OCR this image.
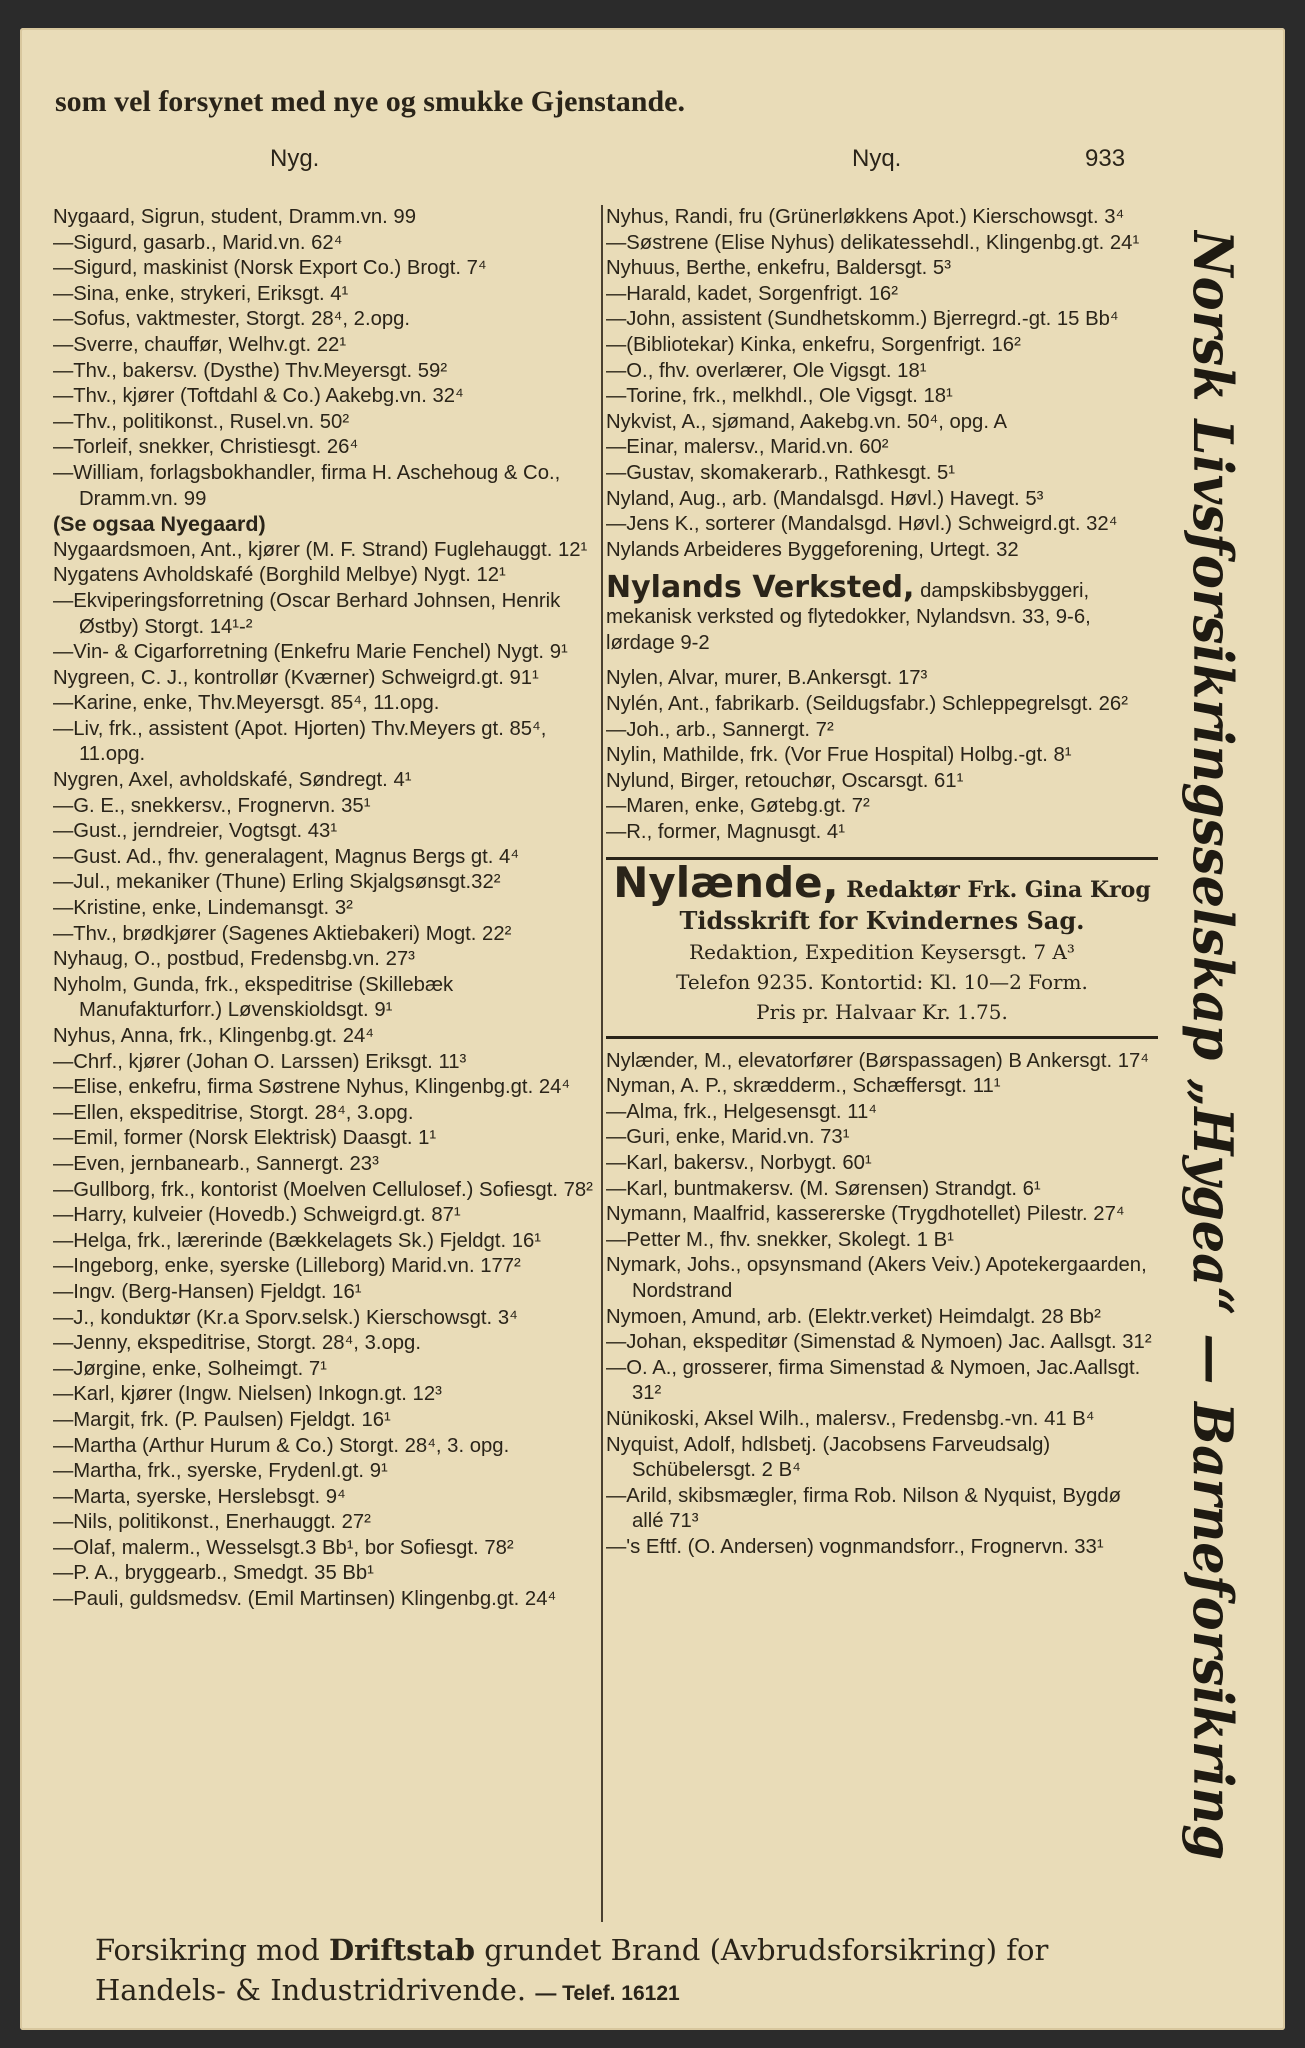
som vel forsynet med nye og smukke Gjenstande.
Nyg.	Nyq.	933
Nygaard, Sigrun, student, Dramm.vn. 99
—Sigurd, gasarb., Marid.vn. 62⁴
—Sigurd, maskinist (Norsk Export Co.) Brogt. 7⁴
—Sina, enke, strykeri, Eriksgt. 4¹
—Sofus, vaktmester, Storgt. 28⁴, 2.opg.
—Sverre, chauffør, Welhv.gt. 22¹
—Thv., bakersv. (Dysthe) Thv.Meyersgt. 59²
—Thv., kjører (Toftdahl & Co.) Aakebg.vn. 32⁴
—Thv., politikonst., Rusel.vn. 50²
—Torleif, snekker, Christiesgt. 26⁴
—William, forlagsbokhandler, firma H. Aschehoug & Co., Dramm.vn. 99
(Se ogsaa Nyegaard)
Nygaardsmoen, Ant., kjører (M. F. Strand) Fuglehauggt. 12¹
Nygatens Avholdskafé (Borghild Melbye) Nygt. 12¹
—Ekviperingsforretning (Oscar Berhard Johnsen, Henrik Østby) Storgt. 14¹-²
—Vin- & Cigarforretning (Enkefru Marie Fenchel) Nygt. 9¹
Nygreen, C. J., kontrollør (Kværner) Schweigrd.gt. 91¹
—Karine, enke, Thv.Meyersgt. 85⁴, 11.opg.
—Liv, frk., assistent (Apot. Hjorten) Thv.Meyers gt. 85⁴, 11.opg.
Nygren, Axel, avholdskafé, Søndregt. 4¹
—G. E., snekkersv., Frognervn. 35¹
—Gust., jerndreier, Vogtsgt. 43¹
—Gust. Ad., fhv. generalagent, Magnus Bergs gt. 4⁴
—Jul., mekaniker (Thune) Erling Skjalgsønsgt.32²
—Kristine, enke, Lindemansgt. 3²
—Thv., brødkjører (Sagenes Aktiebakeri) Mogt. 22²
Nyhaug, O., postbud, Fredensbg.vn. 27³
Nyholm, Gunda, frk., ekspeditrise (Skillebæk Manufakturforr.) Løvenskioldsgt. 9¹
Nyhus, Anna, frk., Klingenbg.gt. 24⁴
—Chrf., kjører (Johan O. Larssen) Eriksgt. 11³
—Elise, enkefru, firma Søstrene Nyhus, Klingenbg.gt. 24⁴
—Ellen, ekspeditrise, Storgt. 28⁴, 3.opg.
—Emil, former (Norsk Elektrisk) Daasgt. 1¹
—Even, jernbanearb., Sannergt. 23³
—Gullborg, frk., kontorist (Moelven Cellulosef.) Sofiesgt. 78²
—Harry, kulveier (Hovedb.) Schweigrd.gt. 87¹
—Helga, frk., lærerinde (Bækkelagets Sk.) Fjeldgt. 16¹
—Ingeborg, enke, syerske (Lilleborg) Marid.vn. 177²
—Ingv. (Berg-Hansen) Fjeldgt. 16¹
—J., konduktør (Kr.a Sporv.selsk.) Kierschowsgt. 3⁴
—Jenny, ekspeditrise, Storgt. 28⁴, 3.opg.
—Jørgine, enke, Solheimgt. 7¹
—Karl, kjører (Ingw. Nielsen) Inkogn.gt. 12³
—Margit, frk. (P. Paulsen) Fjeldgt. 16¹
—Martha (Arthur Hurum & Co.) Storgt. 28⁴, 3. opg.
—Martha, frk., syerske, Frydenl.gt. 9¹
—Marta, syerske, Herslebsgt. 9⁴
—Nils, politikonst., Enerhauggt. 27²
—Olaf, malerm., Wesselsgt.3 Bb¹, bor Sofiesgt. 78²
—P. A., bryggearb., Smedgt. 35 Bb¹
—Pauli, guldsmedsv. (Emil Martinsen) Klingenbg.gt. 24⁴
Nyhus, Randi, fru (Grünerløkkens Apot.) Kierschowsgt. 3⁴
—Søstrene (Elise Nyhus) delikatessehdl., Klingenbg.gt. 24¹
Nyhuus, Berthe, enkefru, Baldersgt. 5³
—Harald, kadet, Sorgenfrigt. 16²
—John, assistent (Sundhetskomm.) Bjerregrd.-gt. 15 Bb⁴
—(Bibliotekar) Kinka, enkefru, Sorgenfrigt. 16²
—O., fhv. overlærer, Ole Vigsgt. 18¹
—Torine, frk., melkhdl., Ole Vigsgt. 18¹
Nykvist, A., sjømand, Aakebg.vn. 50⁴, opg. A
—Einar, malersv., Marid.vn. 60²
—Gustav, skomakerarb., Rathkesgt. 5¹
Nyland, Aug., arb. (Mandalsgd. Høvl.) Havegt. 5³
—Jens K., sorterer (Mandalsgd. Høvl.) Schweigrd.gt. 32⁴
Nylands Arbeideres Byggeforening, Urtegt. 32
Nylands Verksted, dampskibsbyggeri, mekanisk verksted og flytedokker, Nylandsvn. 33, 9-6, lørdage 9-2
Nylen, Alvar, murer, B.Ankersgt. 17³
Nylén, Ant., fabrikarb. (Seildugsfabr.) Schleppegrelsgt. 26²
—Joh., arb., Sannergt. 7²
Nylin, Mathilde, frk. (Vor Frue Hospital) Holbg.-gt. 8¹
Nylund, Birger, retouchør, Oscarsgt. 61¹
—Maren, enke, Gøtebg.gt. 7²
—R., former, Magnusgt. 4¹
Nylænde, Redaktør Frk. Gina Krog
Tidsskrift for Kvindernes Sag.
Redaktion, Expedition Keysersgt. 7 A³
Telefon 9235. Kontortid: Kl. 10—2 Form.
Pris pr. Halvaar Kr. 1.75.
Nylænder, M., elevatorfører (Børspassagen) B Ankersgt. 17⁴
Nyman, A. P., skrædderm., Schæffersgt. 11¹
—Alma, frk., Helgesensgt. 11⁴
—Guri, enke, Marid.vn. 73¹
—Karl, bakersv., Norbygt. 60¹
—Karl, buntmakersv. (M. Sørensen) Strandgt. 6¹
Nymann, Maalfrid, kassererske (Trygdhotellet) Pilestr. 27⁴
—Petter M., fhv. snekker, Skolegt. 1 B¹
Nymark, Johs., opsynsmand (Akers Veiv.) Apotekergaarden, Nordstrand
Nymoen, Amund, arb. (Elektr.verket) Heimdalgt. 28 Bb²
—Johan, ekspeditør (Simenstad & Nymoen) Jac. Aallsgt. 31²
—O. A., grosserer, firma Simenstad & Nymoen, Jac.Aallsgt. 31²
Nünikoski, Aksel Wilh., malersv., Fredensbg.-vn. 41 B⁴
Nyquist, Adolf, hdlsbetj. (Jacobsens Farveudsalg) Schübelersgt. 2 B⁴
—Arild, skibsmægler, firma Rob. Nilson & Nyquist, Bygdø allé 71³
—'s Eftf. (O. Andersen) vognmandsforr., Frognervn. 33¹	Norsk Livsforsikringsselskap „Hygea“ — Barneforsikring
Forsikring mod Driftstab grundet Brand (Avbrudsforsikring) for Handels- & Industridrivende. — Telef. 16121
